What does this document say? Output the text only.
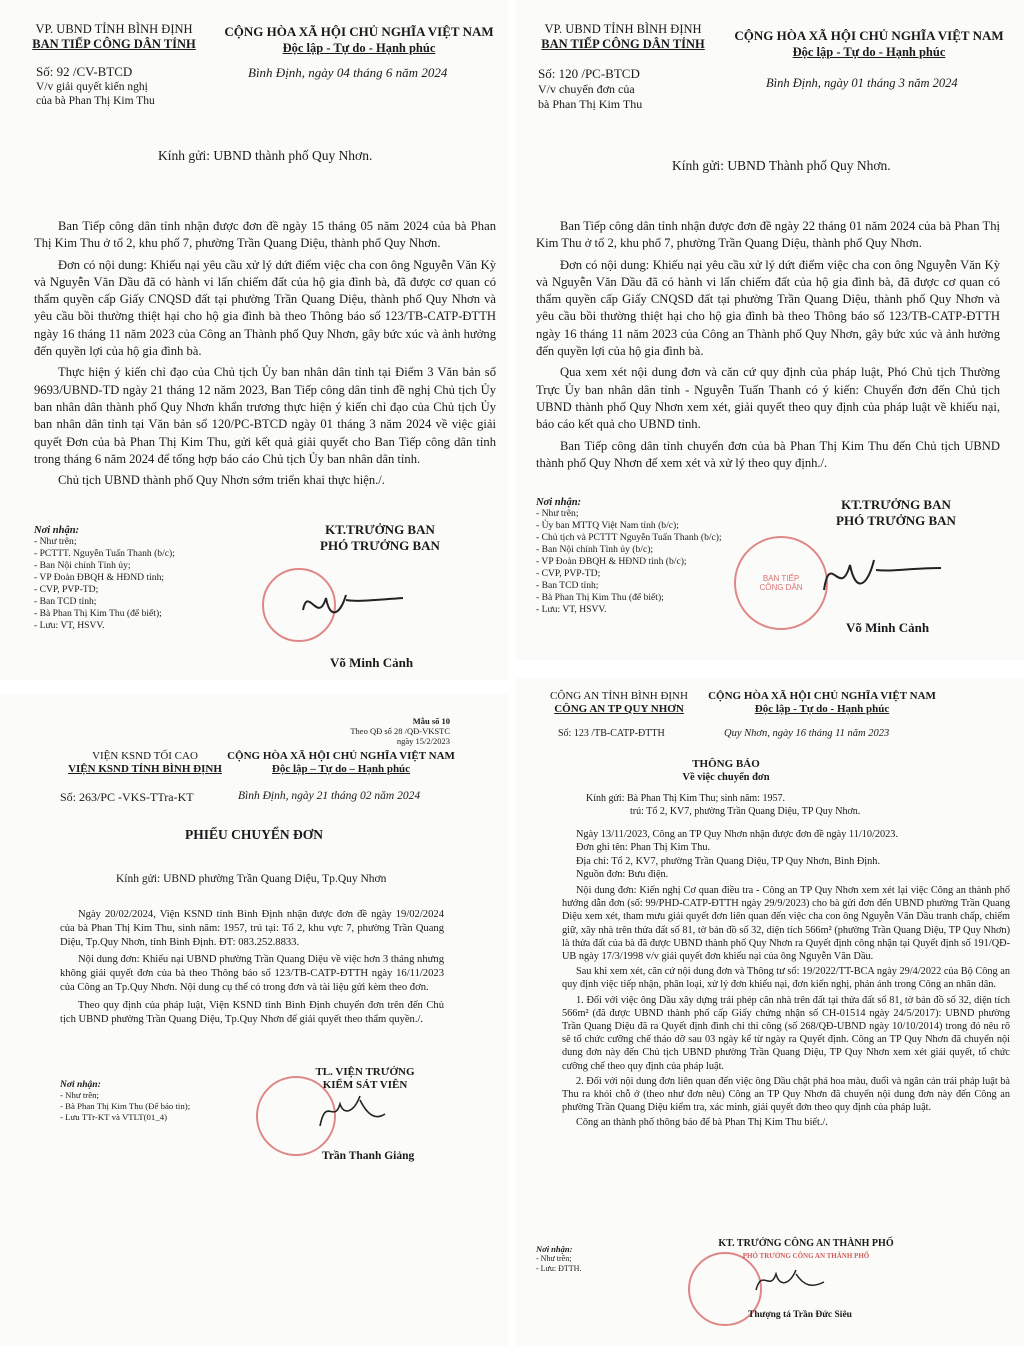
VP. UBND TỈNH BÌNH ĐỊNH
BAN TIẾP CÔNG DÂN TỈNH
CỘNG HÒA XÃ HỘI CHỦ NGHĨA VIỆT NAM
Độc lập - Tự do - Hạnh phúc
Số: 92 /CV-BTCD
V/v giải quyết kiến nghị
của bà Phan Thị Kim Thu
Bình Định, ngày 04 tháng 6 năm 2024
Kính gửi: UBND thành phố Quy Nhơn.

Ban Tiếp công dân tỉnh nhận được đơn đề ngày 15 tháng 05 năm 2024 của bà Phan Thị Kim Thu ở tổ 2, khu phố 7, phường Trần Quang Diệu, thành phố Quy Nhơn.

Đơn có nội dung: Khiếu nại yêu cầu xử lý dứt điểm việc cha con ông Nguyễn Văn Kỳ và Nguyễn Văn Dầu đã có hành vi lấn chiếm đất của hộ gia đình bà, đã được cơ quan có thẩm quyền cấp Giấy CNQSD đất tại phường Trần Quang Diệu, thành phố Quy Nhơn và yêu cầu bồi thường thiệt hại cho hộ gia đình bà theo Thông báo số 123/TB-CATP-ĐTTH ngày 16 tháng 11 năm 2023 của Công an Thành phố Quy Nhơn, gây bức xúc và ảnh hưởng đến quyền lợi của hộ gia đình bà.

Thực hiện ý kiến chỉ đạo của Chủ tịch Ủy ban nhân dân tỉnh tại Điểm 3 Văn bản số 9693/UBND-TD ngày 21 tháng 12 năm 2023, Ban Tiếp công dân tỉnh đề nghị Chủ tịch Ủy ban nhân dân thành phố Quy Nhơn khẩn trương thực hiện ý kiến chỉ đạo của Chủ tịch Ủy ban nhân dân tỉnh tại Văn bản số 120/PC-BTCD ngày 01 tháng 3 năm 2024 về việc giải quyết Đơn của bà Phan Thị Kim Thu, gửi kết quả giải quyết cho Ban Tiếp công dân tỉnh trong tháng 6 năm 2024 để tổng hợp báo cáo Chủ tịch Ủy ban nhân dân tỉnh.

Chủ tịch UBND thành phố Quy Nhơn sớm triển khai thực hiện./.

Nơi nhận:
- Như trên;
- PCTTT. Nguyễn Tuấn Thanh (b/c);
- Ban Nội chính Tỉnh ủy;
- VP Đoàn ĐBQH & HĐND tỉnh;
- CVP, PVP-TD;
- Ban TCD tỉnh;
- Bà Phan Thị Kim Thu (để biết);
- Lưu: VT, HSVV.
KT.TRƯỞNG BAN
PHÓ TRƯỞNG BAN
Võ Minh Cảnh
VP. UBND TỈNH BÌNH ĐỊNH
BAN TIẾP CÔNG DÂN TỈNH
CỘNG HÒA XÃ HỘI CHỦ NGHĨA VIỆT NAM
Độc lập - Tự do - Hạnh phúc
Số: 120 /PC-BTCD
V/v chuyển đơn của
bà Phan Thị Kim Thu
Bình Định, ngày 01 tháng 3 năm 2024
Kính gửi: UBND Thành phố Quy Nhơn.

Ban Tiếp công dân tỉnh nhận được đơn đề ngày 22 tháng 01 năm 2024 của bà Phan Thị Kim Thu ở tổ 2, khu phố 7, phường Trần Quang Diệu, thành phố Quy Nhơn.

Đơn có nội dung: Khiếu nại yêu cầu xử lý dứt điểm việc cha con ông Nguyễn Văn Kỳ và Nguyễn Văn Dầu đã có hành vi lấn chiếm đất của hộ gia đình bà, đã được cơ quan có thẩm quyền cấp Giấy CNQSD đất tại phường Trần Quang Diệu, thành phố Quy Nhơn và yêu cầu bồi thường thiệt hại cho hộ gia đình bà theo Thông báo số 123/TB-CATP-ĐTTH ngày 16 tháng 11 năm 2023 của Công an Thành phố Quy Nhơn, gây bức xúc và ảnh hưởng đến quyền lợi của hộ gia đình bà.

Qua xem xét nội dung đơn và căn cứ quy định của pháp luật, Phó Chủ tịch Thường Trực Ủy ban nhân dân tỉnh - Nguyễn Tuấn Thanh có ý kiến: Chuyển đơn đến Chủ tịch UBND thành phố Quy Nhơn xem xét, giải quyết theo quy định của pháp luật về khiếu nại, báo cáo kết quả cho UBND tỉnh.

Ban Tiếp công dân tỉnh chuyển đơn của bà Phan Thị Kim Thu đến Chủ tịch UBND thành phố Quy Nhơn để xem xét và xử lý theo quy định./.

Nơi nhận:
- Như trên;
- Ủy ban MTTQ Việt Nam tỉnh (b/c);
- Chủ tịch và PCTTT Nguyễn Tuấn Thanh (b/c);
- Ban Nội chính Tỉnh ủy (b/c);
- VP Đoàn ĐBQH & HĐND tỉnh (b/c);
- CVP, PVP-TD;
- Ban TCD tỉnh;
- Bà Phan Thị Kim Thu (để biết);
- Lưu: VT, HSVV.
KT.TRƯỞNG BAN
PHÓ TRƯỞNG BAN
BAN TIẾP CÔNG DÂN
Võ Minh Cảnh
Mẫu số 10
Theo QĐ số 28 /QĐ-VKSTC
ngày 15/2/2023
VIỆN KSND TỐI CAO
VIỆN KSND TỈNH BÌNH ĐỊNH
CỘNG HÒA XÃ HỘI CHỦ NGHĨA VIỆT NAM
Độc lập – Tự do – Hạnh phúc
Số: 263/PC -VKS-TTra-KT	Bình Định, ngày 21 tháng 02 năm 2024
PHIẾU CHUYỂN ĐƠN
Kính gửi: UBND phường Trần Quang Diệu, Tp.Quy Nhơn

Ngày 20/02/2024, Viện KSND tỉnh Bình Định nhận được đơn đề ngày 19/02/2024 của bà Phan Thị Kim Thu, sinh năm: 1957, trú tại: Tổ 2, khu vực 7, phường Trần Quang Diệu, Tp.Quy Nhơn, tỉnh Bình Định. ĐT: 083.252.8833.

Nội dung đơn: Khiếu nại UBND phường Trần Quang Diệu về việc hơn 3 tháng nhưng không giải quyết đơn của bà theo Thông báo số 123/TB-CATP-ĐTTH ngày 16/11/2023 của Công an Tp.Quy Nhơn. Nội dung cụ thể có trong đơn và tài liệu gửi kèm theo đơn.

Theo quy định của pháp luật, Viện KSND tỉnh Bình Định chuyển đơn trên đến Chủ tịch UBND phường Trần Quang Diệu, Tp.Quy Nhơn để giải quyết theo thẩm quyền./.

Nơi nhận:
- Như trên;
- Bà Phan Thị Kim Thu (Để báo tin);
- Lưu TTr-KT và VTLT(01_4)
TL. VIỆN TRƯỞNG
KIỂM SÁT VIÊN
Trần Thanh Giảng
CÔNG AN TỈNH BÌNH ĐỊNH
CÔNG AN TP QUY NHƠN
CỘNG HÒA XÃ HỘI CHỦ NGHĨA VIỆT NAM
Độc lập - Tự do - Hạnh phúc
Số: 123 /TB-CATP-ĐTTH	Quy Nhơn, ngày 16 tháng 11 năm 2023
THÔNG BÁO
Về việc chuyển đơn
Kính gửi: Bà Phan Thị Kim Thu; sinh năm: 1957.
trú: Tổ 2, KV7, phường Trần Quang Diệu, TP Quy Nhơn.
Ngày 13/11/2023, Công an TP Quy Nhơn nhận được đơn đề ngày 11/10/2023.
Đơn ghi tên: Phan Thị Kim Thu.
Địa chỉ: Tổ 2, KV7, phường Trần Quang Diệu, TP Quy Nhơn, Bình Định.
Nguồn đơn: Bưu điện.

Nội dung đơn: Kiến nghị Cơ quan điều tra - Công an TP Quy Nhơn xem xét lại việc Công an thành phố hướng dẫn đơn (số: 99/PHD-CATP-ĐTTH ngày 29/9/2023) cho bà gửi đơn đến UBND phường Trần Quang Diệu xem xét, tham mưu giải quyết đơn liên quan đến việc cha con ông Nguyễn Văn Dầu tranh chấp, chiếm giữ, xây nhà trên thửa đất số 81, tờ bản đồ số 32, diện tích 566m² (phường Trần Quang Diệu, TP Quy Nhơn) là thửa đất của bà đã được UBND thành phố Quy Nhơn ra Quyết định công nhận tại Quyết định số 191/QĐ-UB ngày 17/3/1998 v/v giải quyết đơn khiếu nại của ông Nguyễn Văn Dầu.

Sau khi xem xét, căn cứ nội dung đơn và Thông tư số: 19/2022/TT-BCA ngày 29/4/2022 của Bộ Công an quy định việc tiếp nhận, phân loại, xử lý đơn khiếu nại, đơn kiến nghị, phản ánh trong Công an nhân dân.

1. Đối với việc ông Dầu xây dựng trái phép căn nhà trên đất tại thửa đất số 81, tờ bản đồ số 32, diện tích 566m² (đã được UBND thành phố cấp Giấy chứng nhận số CH-01514 ngày 24/5/2017): UBND phường Trần Quang Diệu đã ra Quyết định đình chỉ thi công (số 268/QĐ-UBND ngày 10/10/2014) trong đó nêu rõ sẽ tổ chức cưỡng chế tháo dỡ sau 03 ngày kể từ ngày ra Quyết định. Công an TP Quy Nhơn đã chuyển nội dung đơn này đến Chủ tịch UBND phường Trần Quang Diệu, TP Quy Nhơn xem xét giải quyết, tổ chức cưỡng chế theo quy định của pháp luật.

2. Đối với nội dung đơn liên quan đến việc ông Dầu chặt phá hoa màu, đuổi và ngăn cản trái pháp luật bà Thu ra khỏi chỗ ở (theo như đơn nêu) Công an TP Quy Nhơn đã chuyển nội dung đơn này đến Công an phường Trần Quang Diệu kiểm tra, xác minh, giải quyết đơn theo quy định của pháp luật.

Công an thành phố thông báo để bà Phan Thị Kim Thu biết./.

Nơi nhận:
- Như trên;
- Lưu: ĐTTH.
KT. TRƯỞNG CÔNG AN THÀNH PHỐ
PHÓ TRƯỞNG CÔNG AN THÀNH PHỐ
Thượng tá Trần Đức Siêu
